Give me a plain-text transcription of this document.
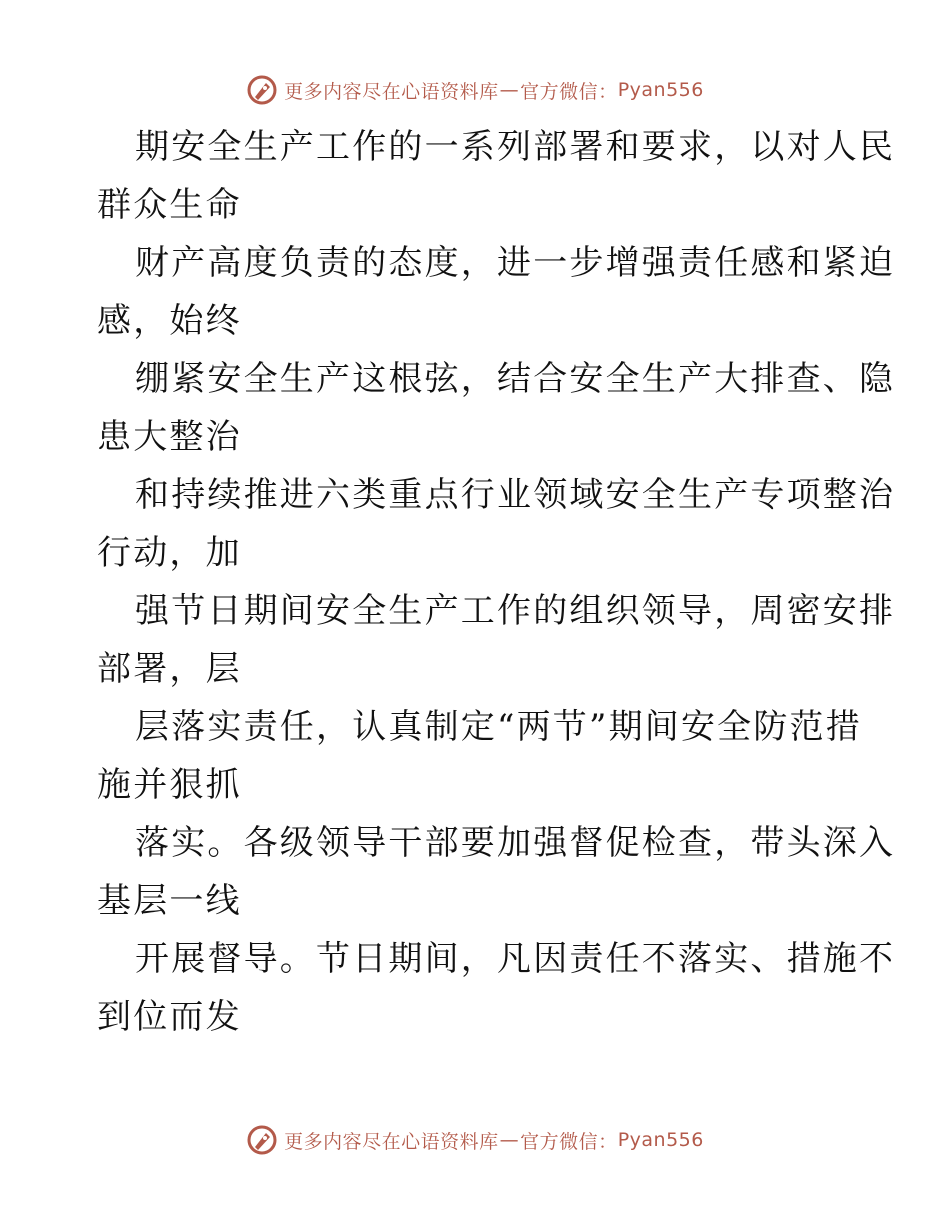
更多内容尽在心语资料库 — 官方微信： Pyan556
期安全生产工作的一系列部署和要求，以对人民
群众生命
财产高度负责的态度，进一步增强责任感和紧迫
感，始终
绷紧安全生产这根弦，结合安全生产大排查、隐
患大整治
和持续推进六类重点行业领域安全生产专项整治
行动，加
强节日期间安全生产工作的组织领导，周密安排
部署，层
层落实责任，认真制定“两节”期间安全防范措
施并狠抓
落实。各级领导干部要加强督促检查，带头深入
基层一线
开展督导。节日期间，凡因责任不落实、措施不
到位而发
更多内容尽在心语资料库 — 官方微信： Pyan556
